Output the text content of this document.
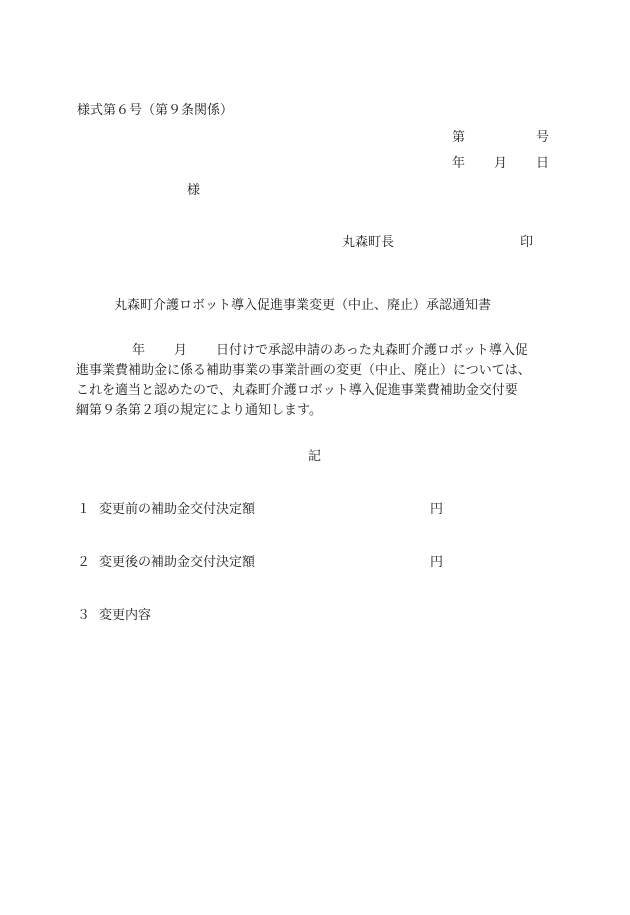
様式第６号（第９条関係）
第	号
年 月 日
様
丸森町長	印
丸森町介護ロボット導入促進事業変更（中止、廃止）承認通知書
年 月 日付けで承認申請のあった丸森町介護ロボット導入促
進事業費補助金に係る補助事業の事業計画の変更（中止、廃止）については、
これを適当と認めたので、丸森町介護ロボット導入促進事業費補助金交付要
綱第９条第２項の規定により通知します。
記
１ 変更前の補助金交付決定額	円
２ 変更後の補助金交付決定額	円
３ 変更内容
